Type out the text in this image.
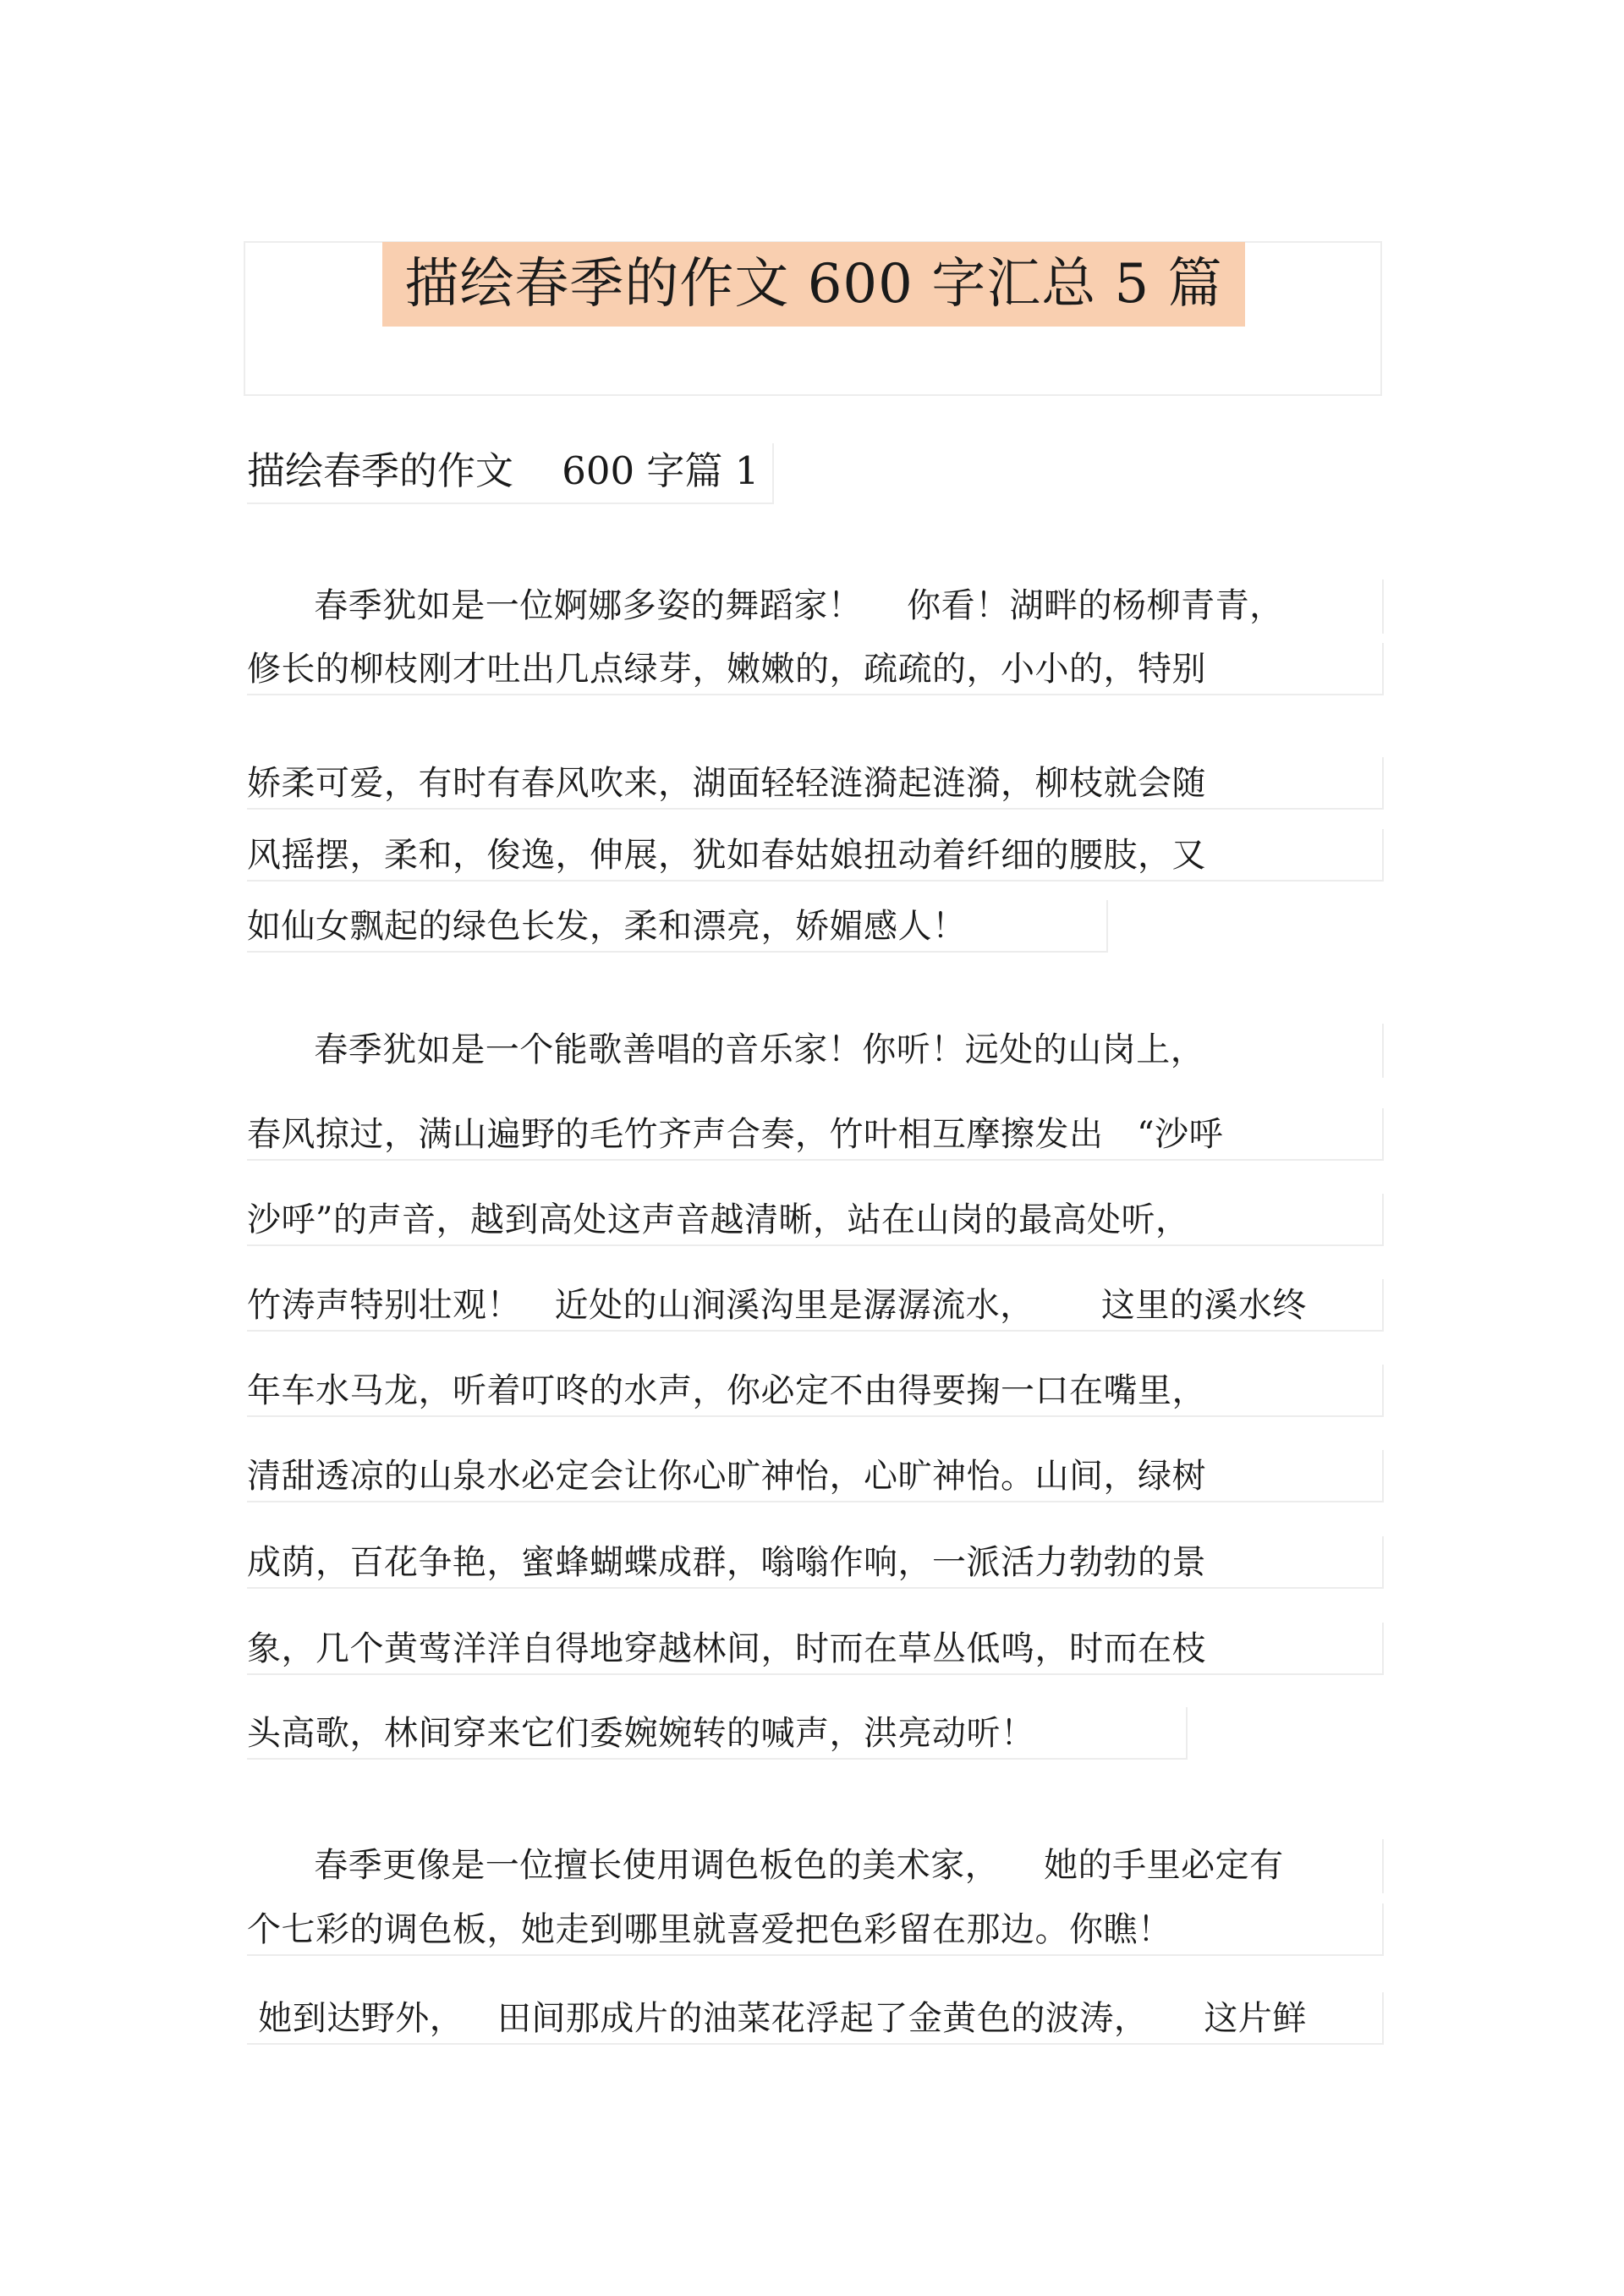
描绘春季的作文 600 字汇总 5 篇
描绘春季的作文    600 字篇 1
春季犹如是一位婀娜多姿的舞蹈家！    你看！湖畔的杨柳青青，
修长的柳枝刚才吐出几点绿芽，嫩嫩的，疏疏的，小小的，特别
娇柔可爱，有时有春风吹来，湖面轻轻涟漪起涟漪，柳枝就会随
风摇摆，柔和，俊逸，伸展，犹如春姑娘扭动着纤细的腰肢，又
如仙女飘起的绿色长发，柔和漂亮，娇媚感人！
春季犹如是一个能歌善唱的音乐家！你听！远处的山岗上，
春风掠过，满山遍野的毛竹齐声合奏，竹叶相互摩擦发出   “沙呼
沙呼”的声音，越到高处这声音越清晰，站在山岗的最高处听，
竹涛声特别壮观！   近处的山涧溪沟里是潺潺流水，      这里的溪水终
年车水马龙，听着叮咚的水声，你必定不由得要掬一口在嘴里，
清甜透凉的山泉水必定会让你心旷神怡，心旷神怡。山间，绿树
成荫，百花争艳，蜜蜂蝴蝶成群，嗡嗡作响，一派活力勃勃的景
象，几个黄莺洋洋自得地穿越林间，时而在草丛低鸣，时而在枝
头高歌，林间穿来它们委婉婉转的喊声，洪亮动听！
春季更像是一位擅长使用调色板色的美术家，    她的手里必定有
个七彩的调色板，她走到哪里就喜爱把色彩留在那边。你瞧！
她到达野外，   田间那成片的油菜花浮起了金黄色的波涛，     这片鲜
